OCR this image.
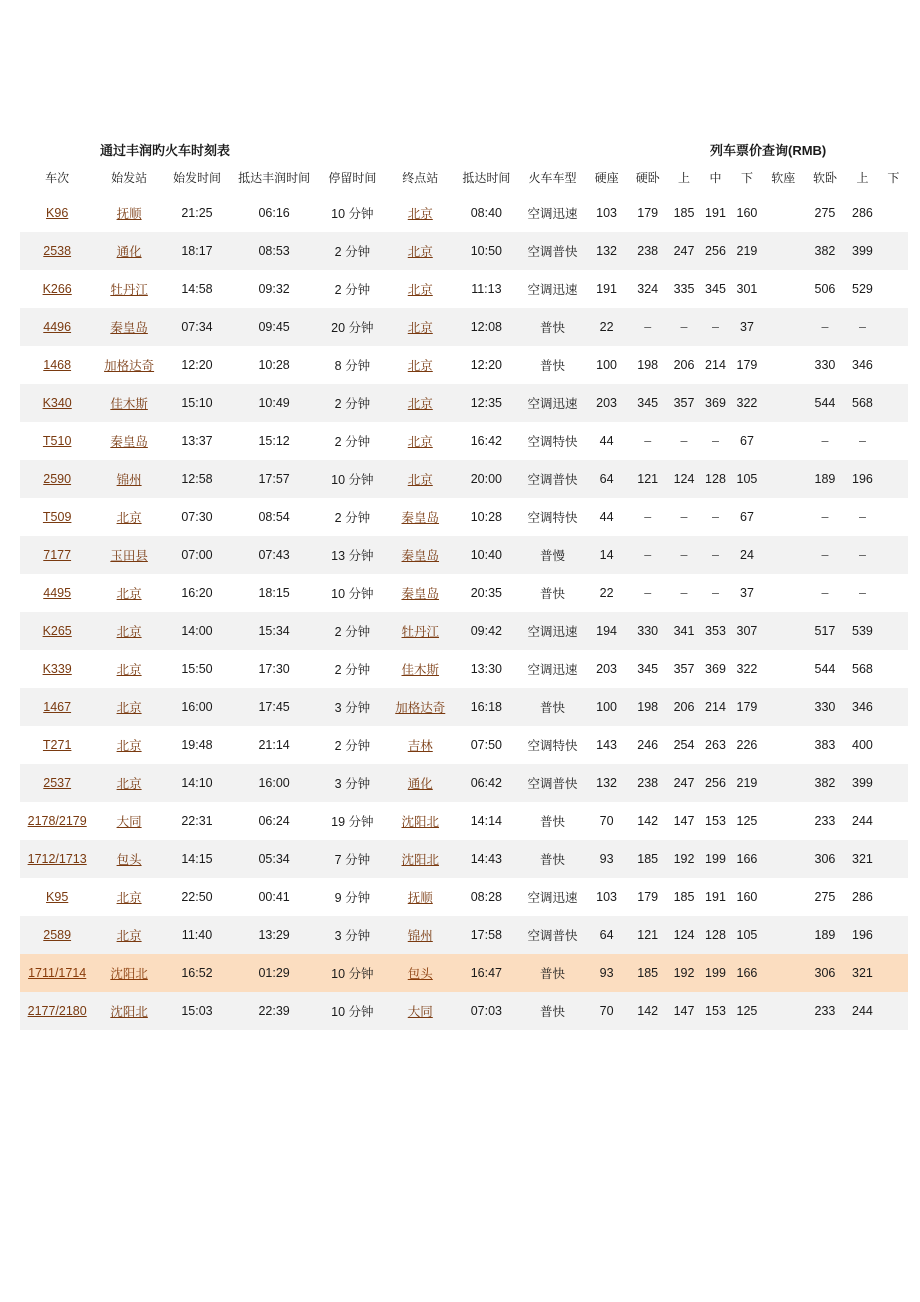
通过丰润旳火车时刻表	列车票价查询(RMB)
车次	始发站	始发时间	抵达丰润时间	停留时间	终点站	抵达时间	火车车型	硬座	硬卧	上	中	下	软座	软卧	上	下
K96	抚顺	21:25	06:16	10 分钟	北京	08:40	空调迅速	103	179	185	191	160		275	286	
2538	通化	18:17	08:53	2 分钟	北京	10:50	空调普快	132	238	247	256	219		382	399	
K266	牡丹江	14:58	09:32	2 分钟	北京	11:13	空调迅速	191	324	335	345	301		506	529	
4496	秦皇岛	07:34	09:45	20 分钟	北京	12:08	普快	22	–	–	–	37		–	–	
1468	加格达奇	12:20	10:28	8 分钟	北京	12:20	普快	100	198	206	214	179		330	346	
K340	佳木斯	15:10	10:49	2 分钟	北京	12:35	空调迅速	203	345	357	369	322		544	568	
T510	秦皇岛	13:37	15:12	2 分钟	北京	16:42	空调特快	44	–	–	–	67		–	–	
2590	锦州	12:58	17:57	10 分钟	北京	20:00	空调普快	64	121	124	128	105		189	196	
T509	北京	07:30	08:54	2 分钟	秦皇岛	10:28	空调特快	44	–	–	–	67		–	–	
7177	玉田县	07:00	07:43	13 分钟	秦皇岛	10:40	普慢	14	–	–	–	24		–	–	
4495	北京	16:20	18:15	10 分钟	秦皇岛	20:35	普快	22	–	–	–	37		–	–	
K265	北京	14:00	15:34	2 分钟	牡丹江	09:42	空调迅速	194	330	341	353	307		517	539	
K339	北京	15:50	17:30	2 分钟	佳木斯	13:30	空调迅速	203	345	357	369	322		544	568	
1467	北京	16:00	17:45	3 分钟	加格达奇	16:18	普快	100	198	206	214	179		330	346	
T271	北京	19:48	21:14	2 分钟	吉林	07:50	空调特快	143	246	254	263	226		383	400	
2537	北京	14:10	16:00	3 分钟	通化	06:42	空调普快	132	238	247	256	219		382	399	
2178/2179	大同	22:31	06:24	19 分钟	沈阳北	14:14	普快	70	142	147	153	125		233	244	
1712/1713	包头	14:15	05:34	7 分钟	沈阳北	14:43	普快	93	185	192	199	166		306	321	
K95	北京	22:50	00:41	9 分钟	抚顺	08:28	空调迅速	103	179	185	191	160		275	286	
2589	北京	11:40	13:29	3 分钟	锦州	17:58	空调普快	64	121	124	128	105		189	196	
1711/1714	沈阳北	16:52	01:29	10 分钟	包头	16:47	普快	93	185	192	199	166		306	321	
2177/2180	沈阳北	15:03	22:39	10 分钟	大同	07:03	普快	70	142	147	153	125		233	244	
